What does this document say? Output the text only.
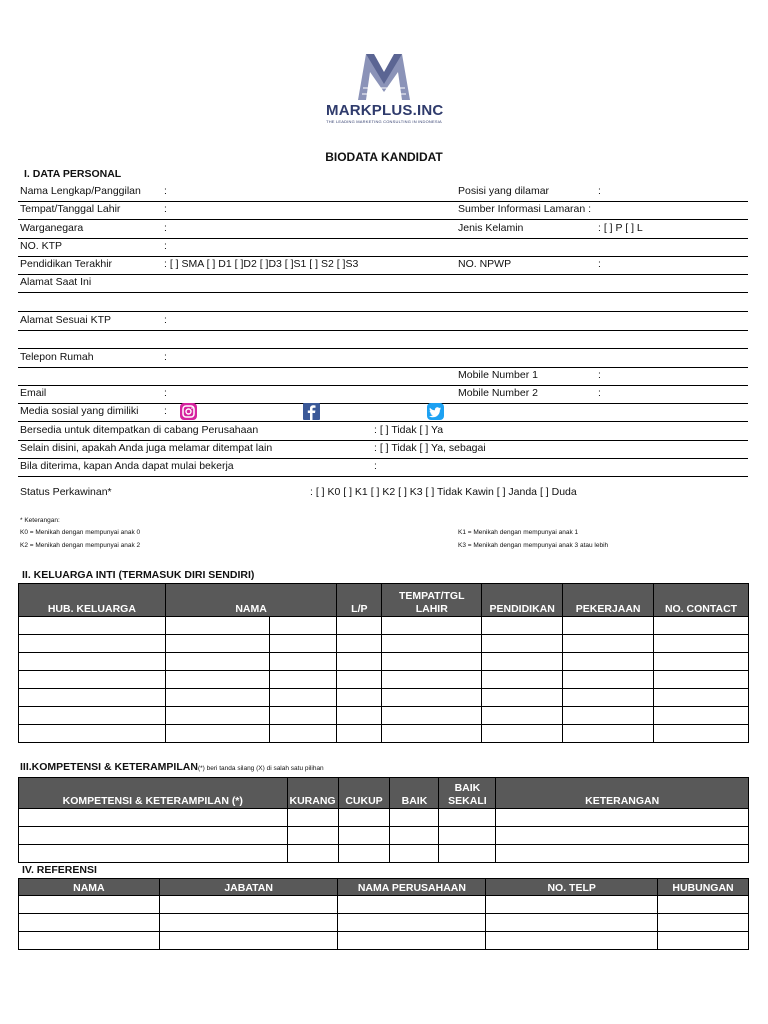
MARKPLUS.INC
THE LEADING MARKETING CONSULTING IN INDONESIA
BIODATA KANDIDAT
I. DATA PERSONAL
Nama Lengkap/Panggilan :	Posisi yang dilamar	:
Tempat/Tanggal Lahir	:	Sumber Informasi Lamaran :
Warganegara	:	Jenis Kelamin	: [ ] P [ ] L
NO. KTP	:
Pendidikan Terakhir	: [ ] SMA [ ] D1 [ ]D2 [ ]D3 [ ]S1 [ ] S2 [ ]S3	NO. NPWP	:
Alamat Saat Ini
Alamat Sesuai KTP	:
Telepon Rumah	:
Mobile Number 1	:
Email	:	Mobile Number 2	:
Media sosial yang dimiliki :
Bersedia untuk ditempatkan di cabang Perusahaan	: [ ] Tidak [ ] Ya
Selain disini, apakah Anda juga melamar ditempat lain	: [ ] Tidak [ ] Ya, sebagai
Bila diterima, kapan Anda dapat mulai bekerja	:
Status Perkawinan*	: [ ] K0 [ ] K1 [ ] K2 [ ] K3 [ ] Tidak Kawin [ ] Janda [ ] Duda
* Keterangan:
K0 = Menikah dengan mempunyai anak 0
K2 = Menikah dengan mempunyai anak 2
K1 = Menikah dengan mempunyai anak 1
K3 = Menikah dengan mempunyai anak 3 atau lebih
II. KELUARGA INTI (TERMASUK DIRI SENDIRI)
HUB. KELUARGA	NAMA		L/P	TEMPAT/TGL LAHIR	PENDIDIKAN	PEKERJAAN	NO. CONTACT

III.KOMPETENSI & KETERAMPILAN(*) beri tanda silang (X) di salah satu pilihan
KOMPETENSI & KETERAMPILAN (*)	KURANG	CUKUP	BAIK	BAIK SEKALI	KETERANGAN

IV. REFERENSI
NAMA	JABATAN	NAMA PERUSAHAAN	NO. TELP	HUBUNGAN
